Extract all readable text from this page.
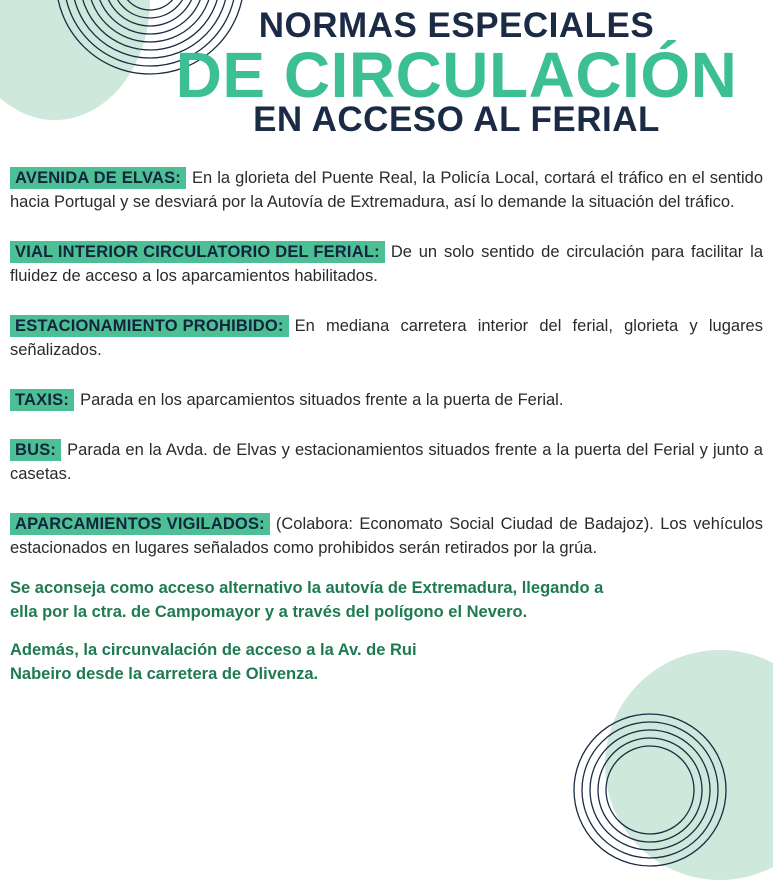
NORMAS ESPECIALES
DE CIRCULACIÓN
EN ACCESO AL FERIAL

AVENIDA DE ELVAS: En la glorieta del Puente Real, la Policía Local, cortará el tráfico en el sentido hacia Portugal y se desviará por la Autovía de Extremadura, así lo demande la situación del tráfico.

VIAL INTERIOR CIRCULATORIO DEL FERIAL: De un solo sentido de circulación para facilitar la fluidez de acceso a los aparcamientos habilitados.

ESTACIONAMIENTO PROHIBIDO: En mediana carretera interior del ferial, glorieta y lugares señalizados.

TAXIS: Parada en los aparcamientos situados frente a la puerta de Ferial.

BUS: Parada en la Avda. de Elvas y estacionamientos situados frente a la puerta del Ferial y junto a casetas.

APARCAMIENTOS VIGILADOS: (Colabora: Economato Social Ciudad de Badajoz). Los vehículos estacionados en lugares señalados como prohibidos serán retirados por la grúa.

Se aconseja como acceso alternativo la autovía de Extremadura, llegando a ella por la ctra. de Campomayor y a través del polígono el Nevero.

Además, la circunvalación de acceso a la Av. de Rui Nabeiro desde la carretera de Olivenza.
